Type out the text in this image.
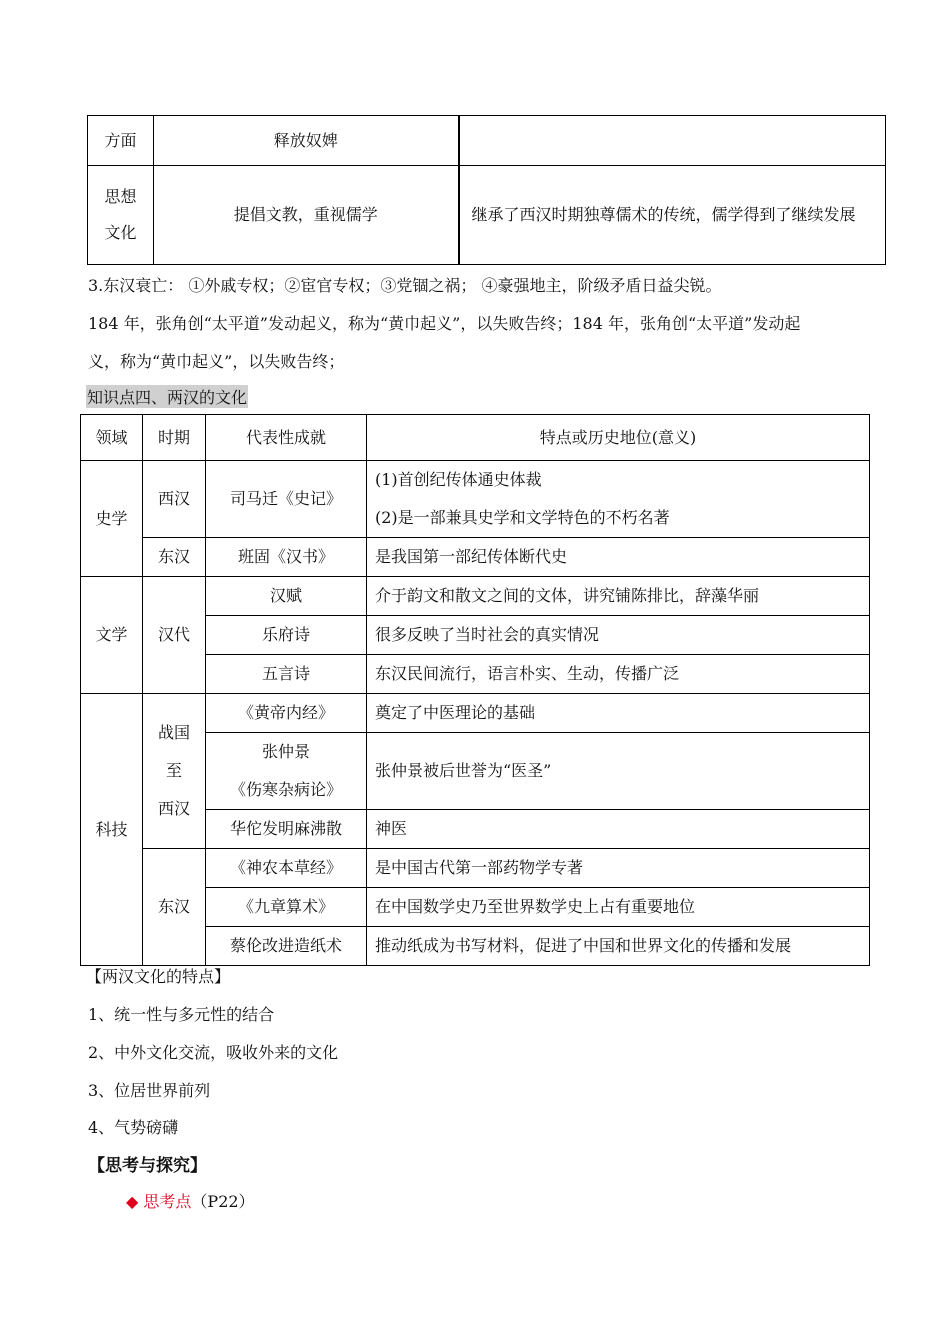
方面	释放奴婢	

思想
文化	提倡文教，重视儒学	继承了西汉时期独尊儒术的传统，儒学得到了继续发展
3.东汉衰亡： ①外戚专权；②宦官专权；③党锢之祸； ④豪强地主，阶级矛盾日益尖锐。
184 年，张角创“太平道”发动起义，称为“黄巾起义”，以失败告终；184 年，张角创“太平道”发动起
义，称为“黄巾起义”，以失败告终；
知识点四、两汉的文化
领域	时期	代表性成就	特点或历史地位(意义)
史学	西汉	司马迁《史记》	(1)首创纪传体通史体裁
(2)是一部兼具史学和文学特色的不朽名著

	东汉	班固《汉书》	是我国第一部纪传体断代史
文学	汉代	汉赋	介于韵文和散文之间的文体，讲究铺陈排比，辞藻华丽
		乐府诗	很多反映了当时社会的真实情况
		五言诗	东汉民间流行，语言朴实、生动，传播广泛
科技	战国
至
西汉	《黄帝内经》	奠定了中医理论的基础

		张仲景
《伤寒杂病论》	张仲景被后世誉为“医圣”
		华佗发明麻沸散	神医
	东汉	《神农本草经》	是中国古代第一部药物学专著
		《九章算术》	在中国数学史乃至世界数学史上占有重要地位
		蔡伦改进造纸术	推动纸成为书写材料，促进了中国和世界文化的传播和发展
【两汉文化的特点】
1、统一性与多元性的结合
2、中外文化交流，吸收外来的文化
3、位居世界前列
4、气势磅礴
【思考与探究】
◆ 思考点（P22）
